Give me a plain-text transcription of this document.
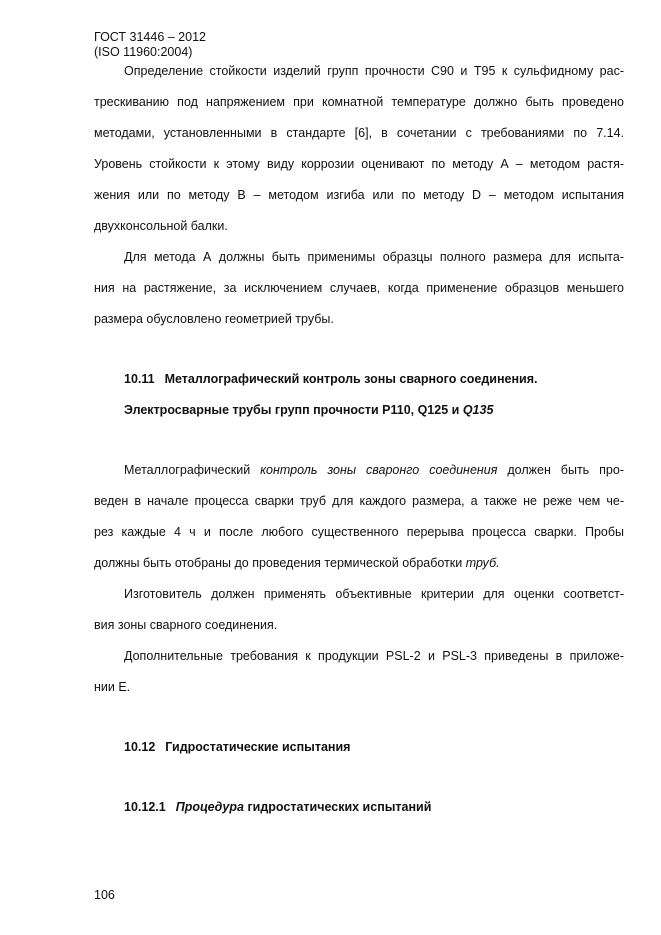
ГОСТ 31446 – 2012
(ISO 11960:2004)
Определение стойкости изделий групп прочности С90 и Т95 к сульфидному рас-
трескиванию под напряжением при комнатной температуре должно быть проведено
методами, установленными в стандарте [6], в сочетании с требованиями по 7.14.
Уровень стойкости к этому виду коррозии оценивают по методу А – методом растя-
жения или по методу В – методом изгиба или по методу D – методом испытания
двухконсольной балки.
Для метода А должны быть применимы образцы полного размера для испыта-
ния на растяжение, за исключением случаев, когда применение образцов меньшего
размера обусловлено геометрией трубы.
10.11 Металлографический контроль зоны сварного соединения.
Электросварные трубы групп прочности Р110, Q125 и Q135
Металлографический контроль зоны сваронго соединения должен быть про-
веден в начале процесса сварки труб для каждого размера, а также не реже чем че-
рез каждые 4 ч и после любого существенного перерыва процесса сварки. Пробы
должны быть отобраны до проведения термической обработки труб.
Изготовитель должен применять объективные критерии для оценки соответст-
вия зоны сварного соединения.
Дополнительные требования к продукции PSL-2 и PSL-3 приведены в приложе-
нии Е.
10.12 Гидростатические испытания
10.12.1 Процедура гидростатических испытаний
106
